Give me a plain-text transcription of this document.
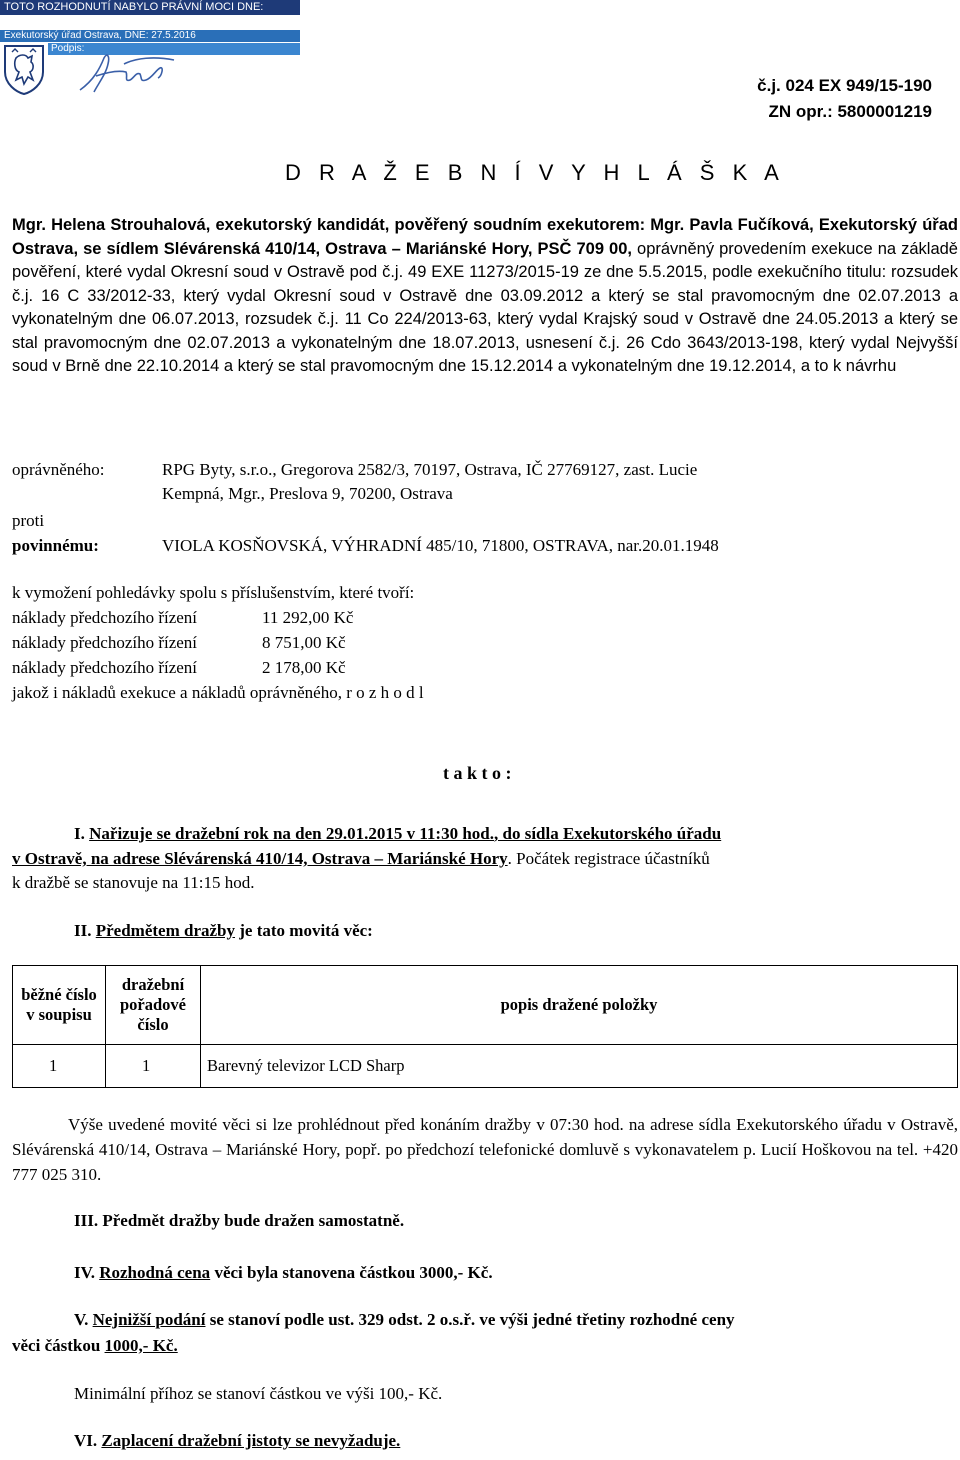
TOTO ROZHODNUTÍ NABYLO PRÁVNÍ MOCI DNE: 31.12.2015
Exekutorský úřad Ostrava, DNE: 27.5.2016
Podpis:
č.j. 024 EX 949/15-190
ZN opr.: 5800001219
D R A Ž E B N Í V Y H L Á Š K A
Mgr. Helena Strouhalová, exekutorský kandidát, pověřený soudním exekutorem: Mgr. Pavla Fučíková, Exekutorský úřad Ostrava, se sídlem Slévárenská 410/14, Ostrava – Mariánské Hory, PSČ 709 00, oprávněný provedením exekuce na základě pověření, které vydal Okresní soud v Ostravě pod č.j. 49 EXE 11273/2015-19 ze dne 5.5.2015, podle exekučního titulu: rozsudek č.j. 16 C 33/2012-33, který vydal Okresní soud v Ostravě dne 03.09.2012 a který se stal pravomocným dne 02.07.2013 a vykonatelným dne 06.07.2013, rozsudek č.j. 11 Co 224/2013-63, který vydal Krajský soud v Ostravě dne 24.05.2013 a který se stal pravomocným dne 02.07.2013 a vykonatelným dne 18.07.2013, usnesení č.j. 26 Cdo 3643/2013-198, který vydal Nejvyšší soud v Brně dne 22.10.2014 a který se stal pravomocným dne 15.12.2014 a vykonatelným dne 19.12.2014, a to k návrhu
oprávněného:	RPG Byty, s.r.o., Gregorova 2582/3, 70197, Ostrava, IČ 27769127, zast. Lucie
Kempná, Mgr., Preslova 9, 70200, Ostrava
proti
povinnému:	VIOLA KOSŇOVSKÁ, VÝHRADNÍ 485/10, 71800, OSTRAVA, nar.20.01.1948
k vymožení pohledávky spolu s příslušenstvím, které tvoří:
náklady předchozího řízení	11 292,00 Kč
náklady předchozího řízení	8 751,00 Kč
náklady předchozího řízení	2 178,00 Kč
jakož i nákladů exekuce a nákladů oprávněného, r o z h o d l
t a k t o :
I. Nařizuje se dražební rok na den 29.01.2015 v 11:30 hod., do sídla Exekutorského úřadu
v Ostravě, na adrese Slévárenská 410/14, Ostrava – Mariánské Hory. Počátek registrace účastníků
k dražbě se stanovuje na 11:15 hod.
II. Předmětem dražby je tato movitá věc:
běžné číslo v soupisu	dražební pořadové číslo	popis dražené položky
1	1	Barevný televizor LCD Sharp
Výše uvedené movité věci si lze prohlédnout před konáním dražby v 07:30 hod. na adrese sídla Exekutorského úřadu v Ostravě, Slévárenská 410/14, Ostrava – Mariánské Hory, popř. po předchozí telefonické domluvě s vykonavatelem p. Lucií Hoškovou na tel. +420 777 025 310.
III. Předmět dražby bude dražen samostatně.
IV. Rozhodná cena věci byla stanovena částkou 3000,- Kč.
V. Nejnižší podání se stanoví podle ust. 329 odst. 2 o.s.ř. ve výši jedné třetiny rozhodné ceny
věci částkou 1000,- Kč.
Minimální příhoz se stanoví částkou ve výši 100,- Kč.
VI. Zaplacení dražební jistoty se nevyžaduje.
